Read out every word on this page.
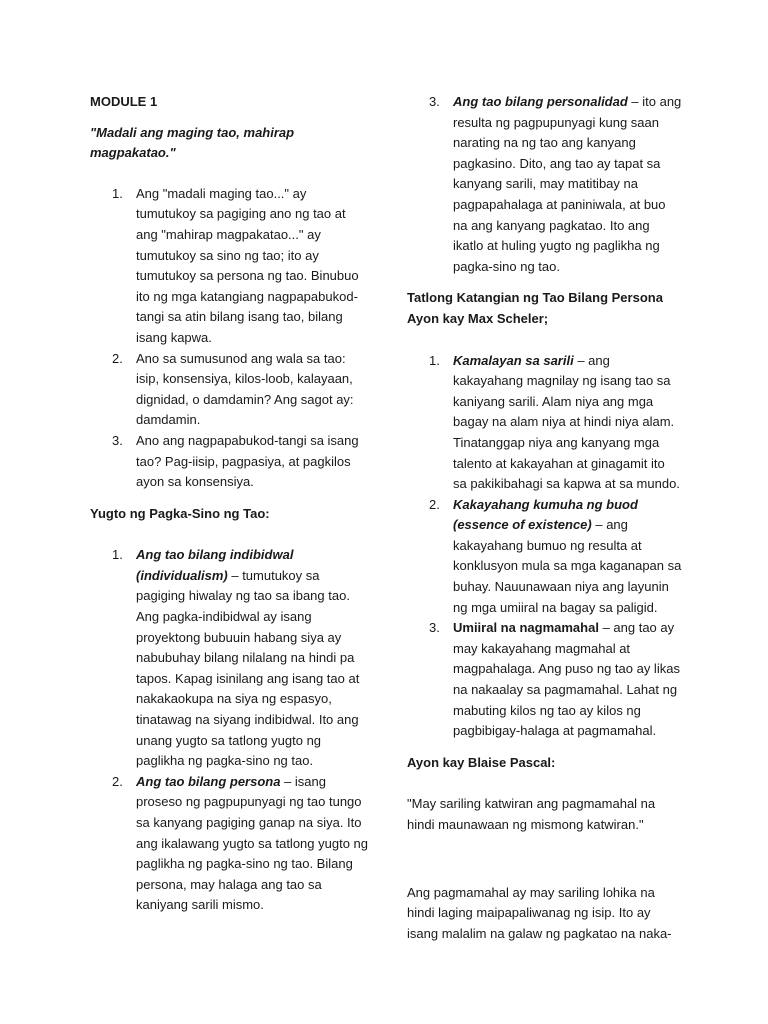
MODULE 1

"Madali ang maging tao, mahirap magpakatao."

1. Ang "madali maging tao..." ay tumutukoy sa pagiging ano ng tao at ang "mahirap magpakatao..." ay tumutukoy sa sino ng tao; ito ay tumutukoy sa persona ng tao. Binubuo ito ng mga katangiang nagpapabukod-tangi sa atin bilang isang tao, bilang isang kapwa.
2. Ano sa sumusunod ang wala sa tao: isip, konsensiya, kilos-loob, kalayaan, dignidad, o damdamin? Ang sagot ay: damdamin.
3. Ano ang nagpapabukod-tangi sa isang tao? Pag-iisip, pagpasiya, at pagkilos ayon sa konsensiya.

Yugto ng Pagka-Sino ng Tao:

1. Ang tao bilang indibidwal (individualism) – tumutukoy sa pagiging hiwalay ng tao sa ibang tao. Ang pagka-indibidwal ay isang proyektong bubuuin habang siya ay nabubuhay bilang nilalang na hindi pa tapos. Kapag isinilang ang isang tao at nakakaokupa na siya ng espasyo, tinatawag na siyang indibidwal. Ito ang unang yugto sa tatlong yugto ng paglikha ng pagka-sino ng tao.
2. Ang tao bilang persona – isang proseso ng pagpupunyagi ng tao tungo sa kanyang pagiging ganap na siya. Ito ang ikalawang yugto sa tatlong yugto ng paglikha ng pagka-sino ng tao. Bilang persona, may halaga ang tao sa kaniyang sarili mismo.
3. Ang tao bilang personalidad – ito ang resulta ng pagpupunyagi kung saan narating na ng tao ang kanyang pagkasino. Dito, ang tao ay tapat sa kanyang sarili, may matitibay na pagpapahalaga at paniniwala, at buo na ang kanyang pagkatao. Ito ang ikatlo at huling yugto ng paglikha ng pagka-sino ng tao.

Tatlong Katangian ng Tao Bilang Persona Ayon kay Max Scheler;

1. Kamalayan sa sarili – ang kakayahang magnilay ng isang tao sa kaniyang sarili. Alam niya ang mga bagay na alam niya at hindi niya alam. Tinatanggap niya ang kanyang mga talento at kakayahan at ginagamit ito sa pakikibahagi sa kapwa at sa mundo.
2. Kakayahang kumuha ng buod (essence of existence) – ang kakayahang bumuo ng resulta at konklusyon mula sa mga kaganapan sa buhay. Nauunawaan niya ang layunin ng mga umiiral na bagay sa paligid.
3. Umiiral na nagmamahal – ang tao ay may kakayahang magmahal at magpahalaga. Ang puso ng tao ay likas na nakaalay sa pagmamahal. Lahat ng mabuting kilos ng tao ay kilos ng pagbibigay-halaga at pagmamahal.

Ayon kay Blaise Pascal:

"May sariling katwiran ang pagmamahal na hindi maunawaan ng mismong katwiran."

Ang pagmamahal ay may sariling lohika na hindi laging maipapaliwanag ng isip. Ito ay isang malalim na galaw ng pagkatao na naka-
